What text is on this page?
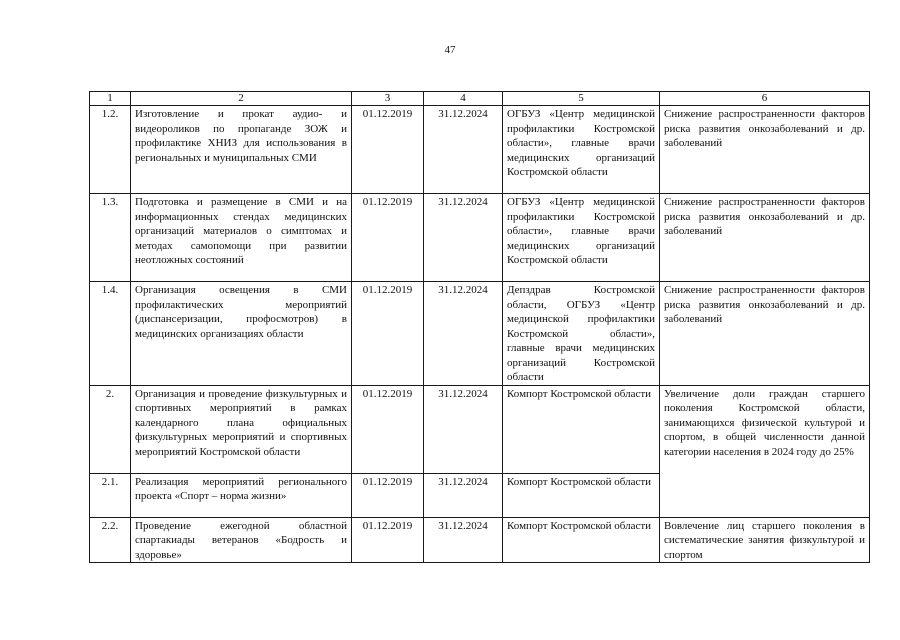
47
1	2	3	4	5	6
1.2.	Изготовление и прокат аудио- и видеороликов по пропаганде ЗОЖ и профилактике ХНИЗ для использования в региональных и муниципальных СМИ	01.12.2019	31.12.2024	ОГБУЗ «Центр медицинской профилактики Костромской области», главные врачи медицинских организаций Костромской области	Снижение распространенности факторов риска развития онкозаболеваний и др. заболеваний
1.3.	Подготовка и размещение в СМИ и на информационных стендах медицинских организаций материалов о симптомах и методах самопомощи при развитии неотложных состояний	01.12.2019	31.12.2024	ОГБУЗ «Центр медицинской профилактики Костромской области», главные врачи медицинских организаций Костромской области	Снижение распространенности факторов риска развития онкозаболеваний и др. заболеваний
1.4.	Организация освещения в СМИ профилактических мероприятий (диспансеризации, профосмотров) в медицинских организациях области	01.12.2019	31.12.2024	Депздрав Костромской области, ОГБУЗ «Центр медицинской профилактики Костромской области», главные врачи медицинских организаций Костромской области	Снижение распространенности факторов риска развития онкозаболеваний и др. заболеваний
2.	Организация и проведение физкультурных и спортивных мероприятий в рамках календарного плана официальных физкультурных мероприятий и спортивных мероприятий Костромской области	01.12.2019	31.12.2024	Компорт Костромской области	Увеличение доли граждан старшего поколения Костромской области, занимающихся физической культурой и спортом, в общей численности данной категории населения в 2024 году до 25%
2.1.	Реализация мероприятий регионального проекта «Спорт – норма жизни»	01.12.2019	31.12.2024	Компорт Костромской области	
2.2.	Проведение ежегодной областной спартакиады ветеранов «Бодрость и здоровье»	01.12.2019	31.12.2024	Компорт Костромской области	Вовлечение лиц старшего поколения в систематические занятия физкультурой и спортом
